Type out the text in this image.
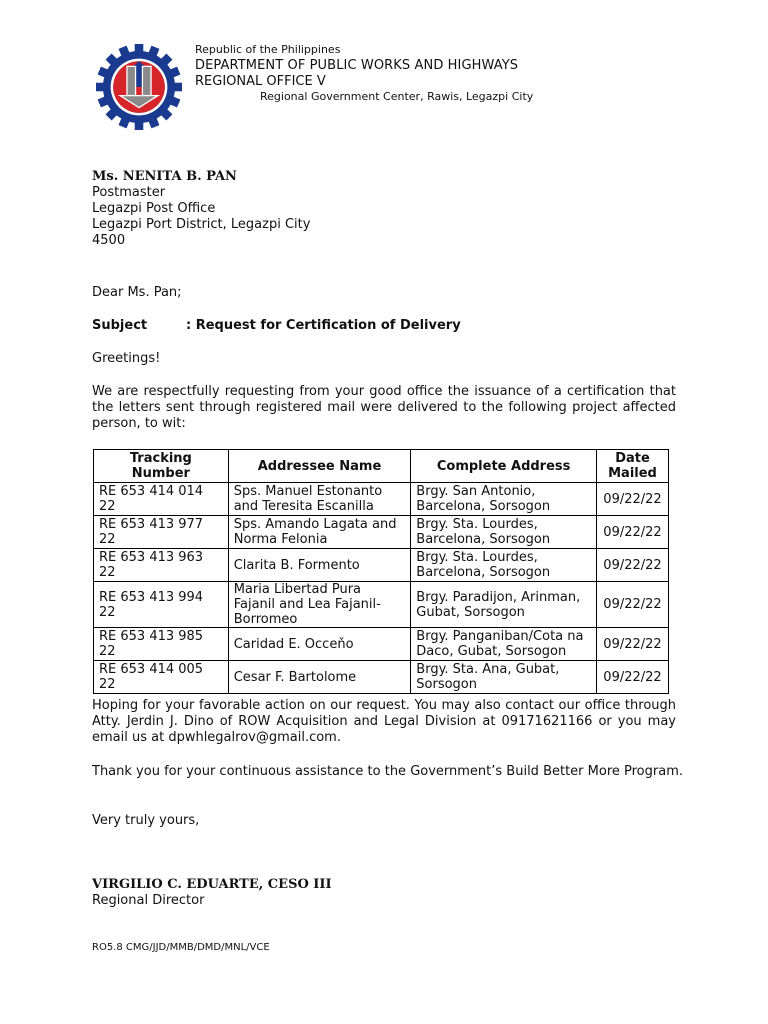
Republic of the Philippines
DEPARTMENT OF PUBLIC WORKS AND HIGHWAYS
REGIONAL OFFICE V
Regional Government Center, Rawis, Legazpi City
Ms. NENITA B. PAN
Postmaster
Legazpi Post Office
Legazpi Port District, Legazpi City
4500
Dear Ms. Pan;
Subject	: Request for Certification of Delivery
Greetings!
We are respectfully requesting from your good office the issuance of a certification that the letters sent through registered mail were delivered to the following project affected person, to wit:
Tracking Number	Addressee Name	Complete Address	Date Mailed
RE 653 414 014 22	Sps. Manuel Estonanto and Teresita Escanilla	Brgy. San Antonio, Barcelona, Sorsogon	09/22/22
RE 653 413 977 22	Sps. Amando Lagata and Norma Felonia	Brgy. Sta. Lourdes, Barcelona, Sorsogon	09/22/22
RE 653 413 963 22	Clarita B. Formento	Brgy. Sta. Lourdes, Barcelona, Sorsogon	09/22/22
RE 653 413 994 22	Maria Libertad Pura Fajanil and Lea Fajanil-Borromeo	Brgy. Paradijon, Arinman, Gubat, Sorsogon	09/22/22
RE 653 413 985 22	Caridad E. Occeňo	Brgy. Panganiban/Cota na Daco, Gubat, Sorsogon	09/22/22
RE 653 414 005 22	Cesar F. Bartolome	Brgy. Sta. Ana, Gubat, Sorsogon	09/22/22
Hoping for your favorable action on our request. You may also contact our office through Atty. Jerdin J. Dino of ROW Acquisition and Legal Division at 09171621166 or you may email us at dpwhlegalrov@gmail.com.
Thank you for your continuous assistance to the Government’s Build Better More Program.
Very truly yours,
VIRGILIO C. EDUARTE, CESO III
Regional Director
RO5.8 CMG/JJD/MMB/DMD/MNL/VCE
